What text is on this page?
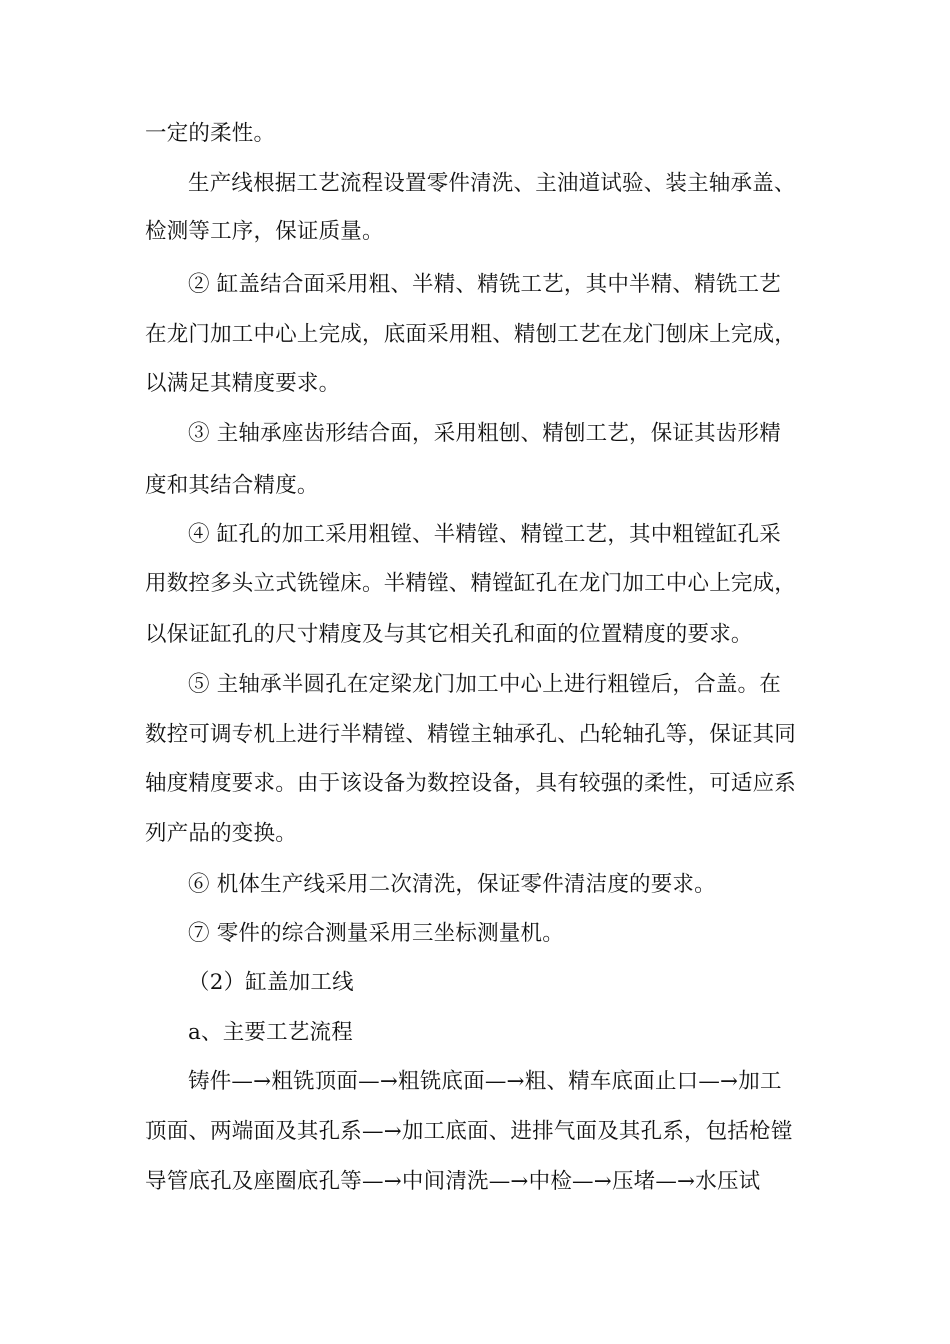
一定的柔性。
生产线根据工艺流程设置零件清洗、主油道试验、装主轴承盖、
检测等工序，保证质量。
② 缸盖结合面采用粗、半精、精铣工艺，其中半精、精铣工艺
在龙门加工中心上完成，底面采用粗、精刨工艺在龙门刨床上完成，
以满足其精度要求。
③ 主轴承座齿形结合面，采用粗刨、精刨工艺，保证其齿形精
度和其结合精度。
④ 缸孔的加工采用粗镗、半精镗、精镗工艺，其中粗镗缸孔采
用数控多头立式铣镗床。半精镗、精镗缸孔在龙门加工中心上完成，
以保证缸孔的尺寸精度及与其它相关孔和面的位置精度的要求。
⑤ 主轴承半圆孔在定梁龙门加工中心上进行粗镗后，合盖。在
数控可调专机上进行半精镗、精镗主轴承孔、凸轮轴孔等，保证其同
轴度精度要求。由于该设备为数控设备，具有较强的柔性，可适应系
列产品的变换。
⑥ 机体生产线采用二次清洗，保证零件清洁度的要求。
⑦ 零件的综合测量采用三坐标测量机。
（2）缸盖加工线
a、主要工艺流程
铸件—→粗铣顶面—→粗铣底面—→粗、精车底面止口—→加工
顶面、两端面及其孔系—→加工底面、进排气面及其孔系，包括枪镗
导管底孔及座圈底孔等—→中间清洗—→中检—→压堵—→水压试
